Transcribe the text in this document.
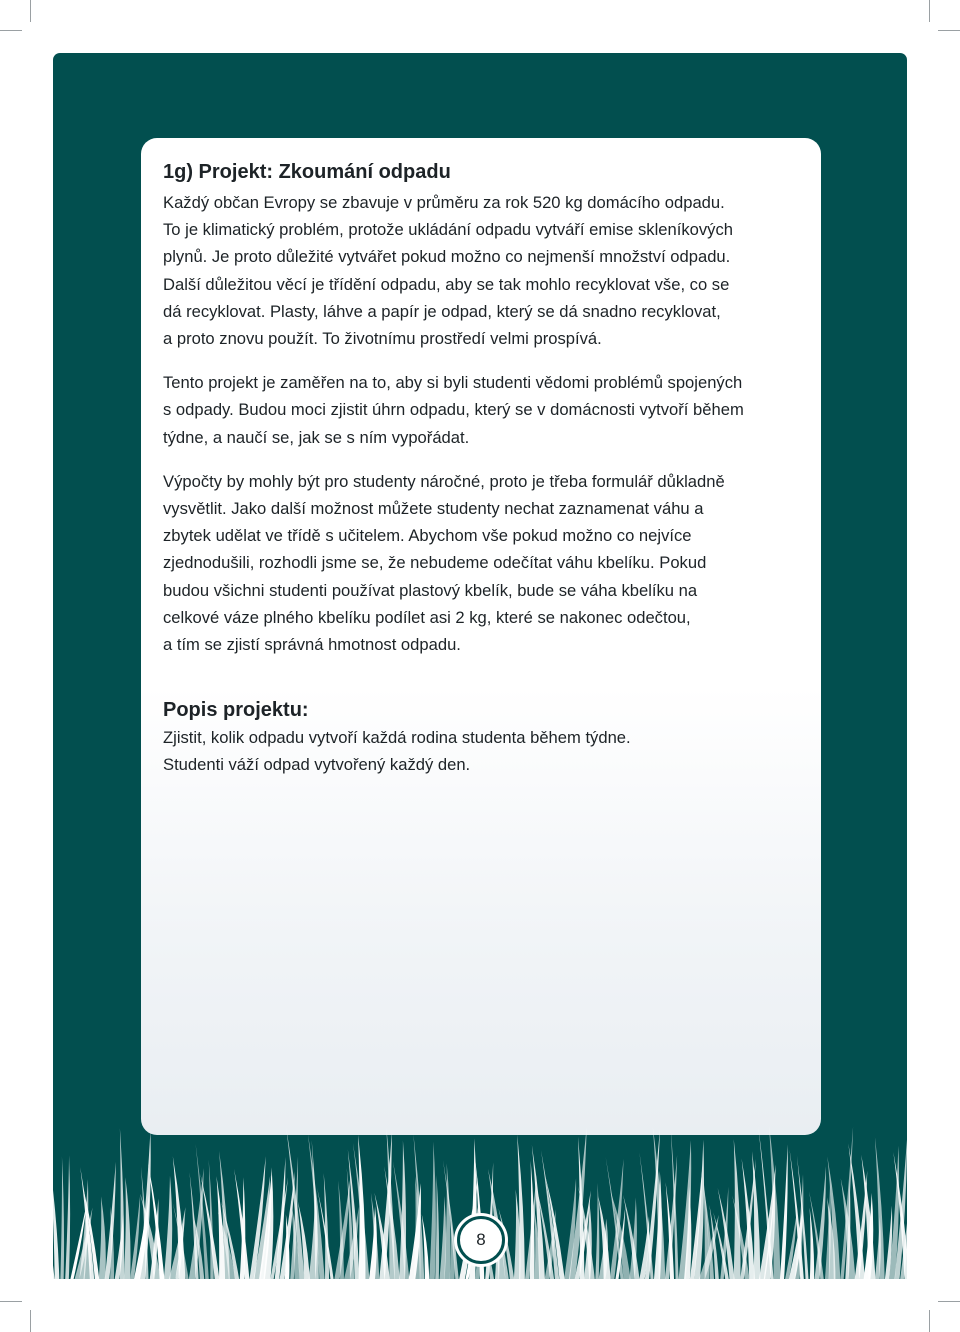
1g) Projekt: Zkoumání odpadu

Každý občan Evropy se zbavuje v průměru za rok 520 kg domácího odpadu.
To je klimatický problém, protože ukládání odpadu vytváří emise skleníkových
plynů. Je proto důležité vytvářet pokud možno co nejmenší množství odpadu.
Další důležitou věcí je třídění odpadu, aby se tak mohlo recyklovat vše, co se
dá recyklovat. Plasty, láhve a papír je odpad, který se dá snadno recyklovat,
a proto znovu použít. To životnímu prostředí velmi prospívá.

Tento projekt je zaměřen na to, aby si byli studenti vědomi problémů spojených
s odpady. Budou moci zjistit úhrn odpadu, který se v domácnosti vytvoří během
týdne, a naučí se, jak se s ním vypořádat.

Výpočty by mohly být pro studenty náročné, proto je třeba formulář důkladně
vysvětlit. Jako další možnost můžete studenty nechat zaznamenat váhu a
zbytek udělat ve třídě s učitelem. Abychom vše pokud možno co nejvíce
zjednodušili, rozhodli jsme se, že nebudeme odečítat váhu kbelíku. Pokud
budou všichni studenti používat plastový kbelík, bude se váha kbelíku na
celkové váze plného kbelíku podílet asi 2 kg, které se nakonec odečtou,
a tím se zjistí správná hmotnost odpadu.

Popis projektu:

Zjistit, kolik odpadu vytvoří každá rodina studenta během týdne.
Studenti váží odpad vytvořený každý den.

8
